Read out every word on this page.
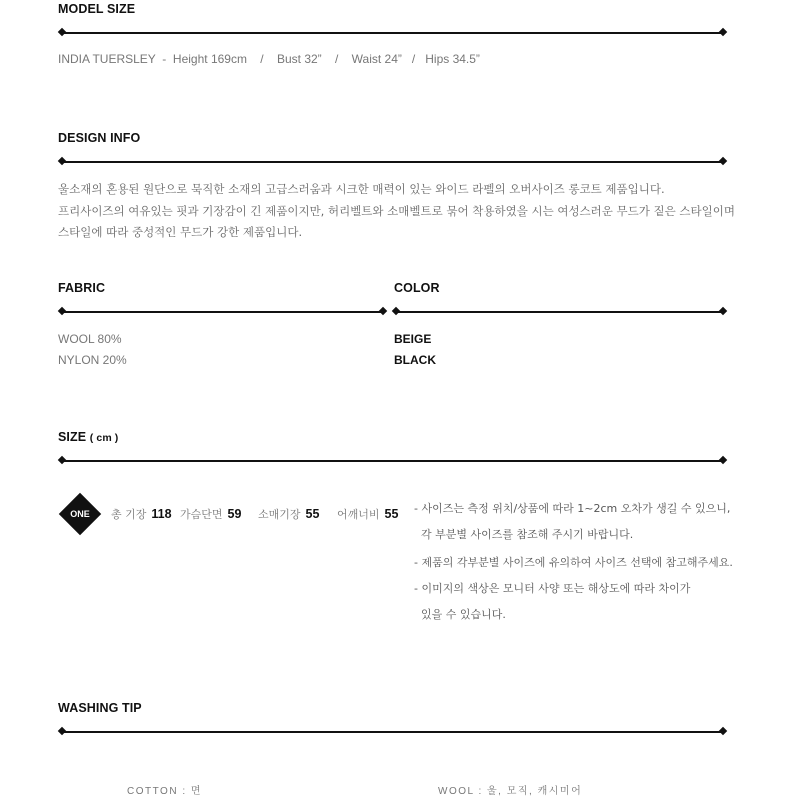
MODEL SIZE
INDIA TUERSLEY  -  Height 169cm    /    Bust 32”    /    Waist 24”   /   Hips 34.5”
DESIGN INFO
울소재의 혼용된 원단으로 묵직한 소재의 고급스러움과 시크한 매력이 있는 와이드 라펠의 오버사이즈 롱코트 제품입니다.
프리사이즈의 여유있는 핏과 기장감이 긴 제품이지만, 허리벨트와 소매벨트로 묶어 착용하였을 시는 여성스러운 무드가 짙은 스타일이며
스타일에 따라 중성적인 무드가 강한 제품입니다.
FABRIC
WOOL 80%
NYLON 20%
COLOR
BEIGE
BLACK
SIZE ( cm )
ONE	총 기장 118 가슴단면 59 소매기장 55 어깨너비 55 - 사이즈는 측정 위치/상품에 따라 1~2cm 오차가 생길 수 있으니,
각 부분별 사이즈를 참조해 주시기 바랍니다.
- 제품의 각부분별 사이즈에 유의하여 사이즈 선택에 참고해주세요.
- 이미지의 색상은 모니터 사양 또는 해상도에 따라 차이가
있을 수 있습니다.
WASHING TIP
COTTON : 면	WOOL : 울, 모직, 캐시미어
